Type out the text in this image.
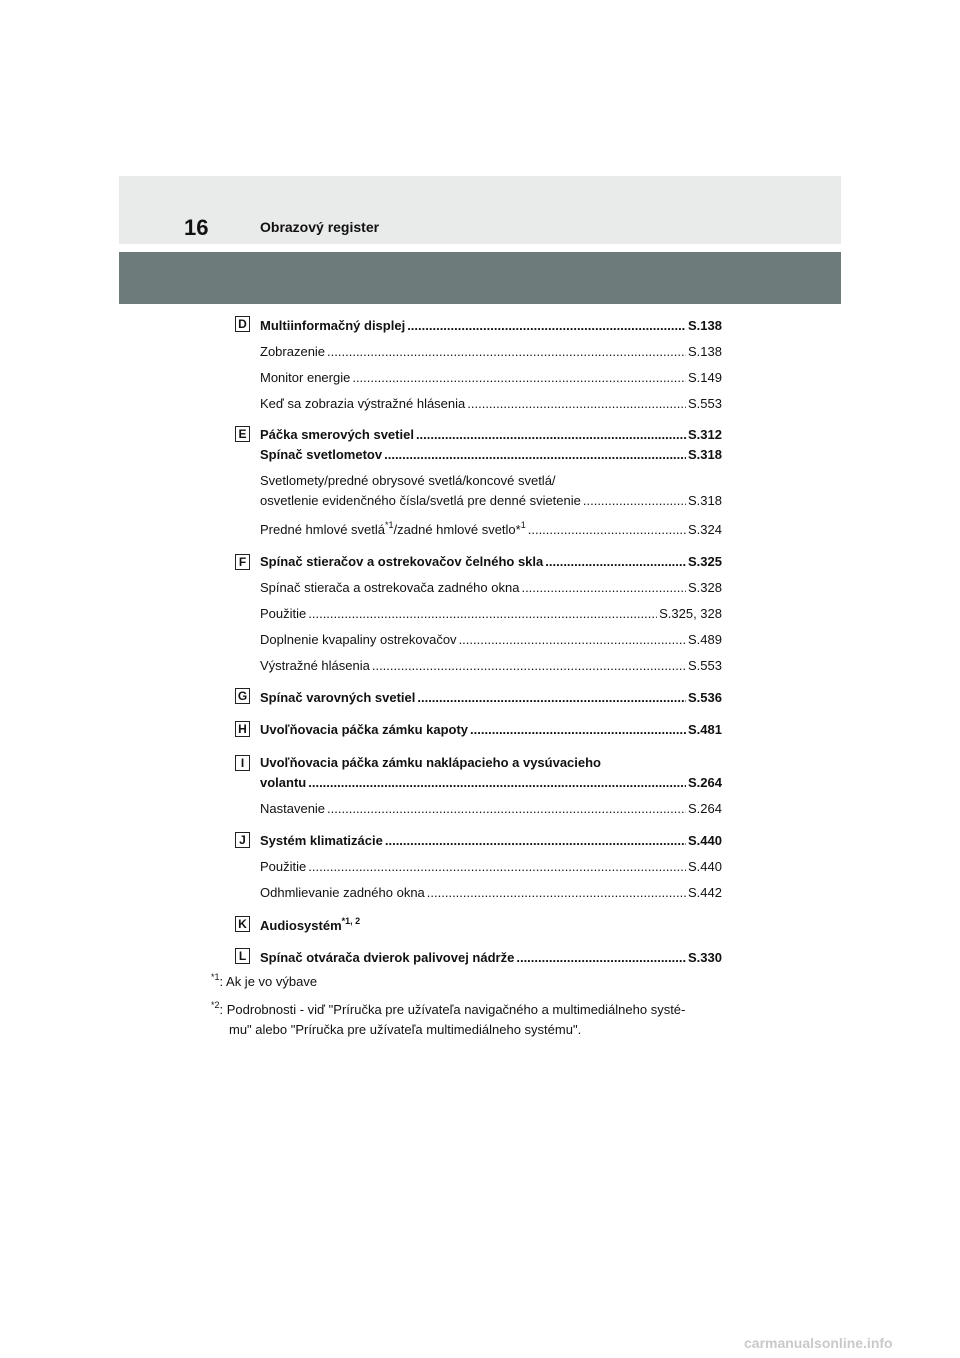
16	Obrazový register
D Multiinformačný displej .....	S.138
Zobrazenie .....	S.138
Monitor energie .....	S.149
Keď sa zobrazia výstražné hlásenia .....	S.553
E Páčka smerových svetiel .....	S.312
Spínač svetlometov .....	S.318
Svetlomety/predné obrysové svetlá/koncové svetlá/
osvetlenie evidenčného čísla/svetlá pre denné svietenie .....	S.318
Predné hmlové svetlá$^{*1}$/zadné hmlové svetlo*$^1$ .....	S.324
F Spínač stieračov a ostrekovačov čelného skla .....	S.325
Spínač stierača a ostrekovača zadného okna .....	S.328
Použitie .....	S.325, 328
Doplnenie kvapaliny ostrekovačov .....	S.489
Výstražné hlásenia .....	S.553
G Spínač varovných svetiel .....	S.536
H Uvoľňovacia páčka zámku kapoty .....	S.481
I	Uvoľňovacia páčka zámku naklápacieho a vysúvacieho
volantu .....	S.264
Nastavenie .....	S.264
J	Systém klimatizácie .....	S.440
Použitie .....	S.440
Odhmlievanie zadného okna .....	S.442
K Audiosystém$^{*1, 2}$
L Spínač otvárača dvierok palivovej nádrže .....	S.330
$^{*1}$: Ak je vo výbave
$^{*2}$: Podrobnosti - viď "Príručka pre užívateľa navigačného a multimediálneho systé-
mu" alebo "Príručka pre užívateľa multimediálneho systému".
carmanualsonline.info
